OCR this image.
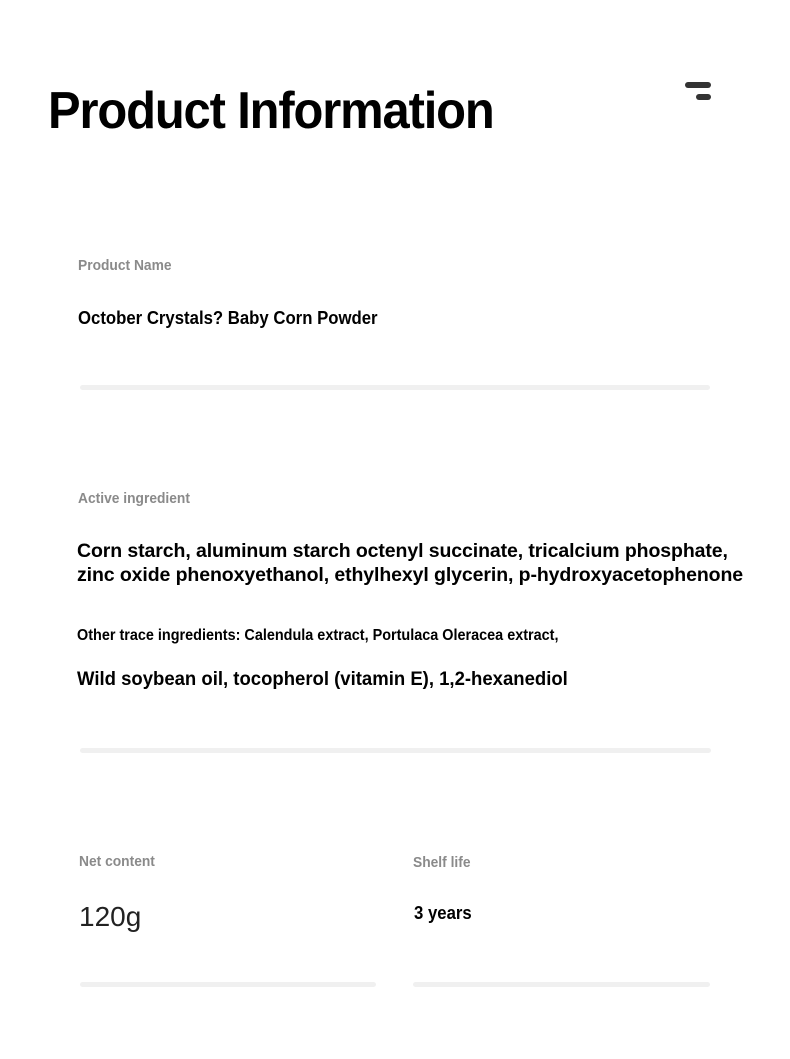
Product Information
Product Name
October Crystals? Baby Corn Powder
Active ingredient
Corn starch, aluminum starch octenyl succinate, tricalcium phosphate, zinc oxide phenoxyethanol, ethylhexyl glycerin, p-hydroxyacetophenone
Other trace ingredients: Calendula extract, Portulaca Oleracea extract,
Wild soybean oil, tocopherol (vitamin E), 1,2-hexanediol
Net content
120g
Shelf life
3 years
